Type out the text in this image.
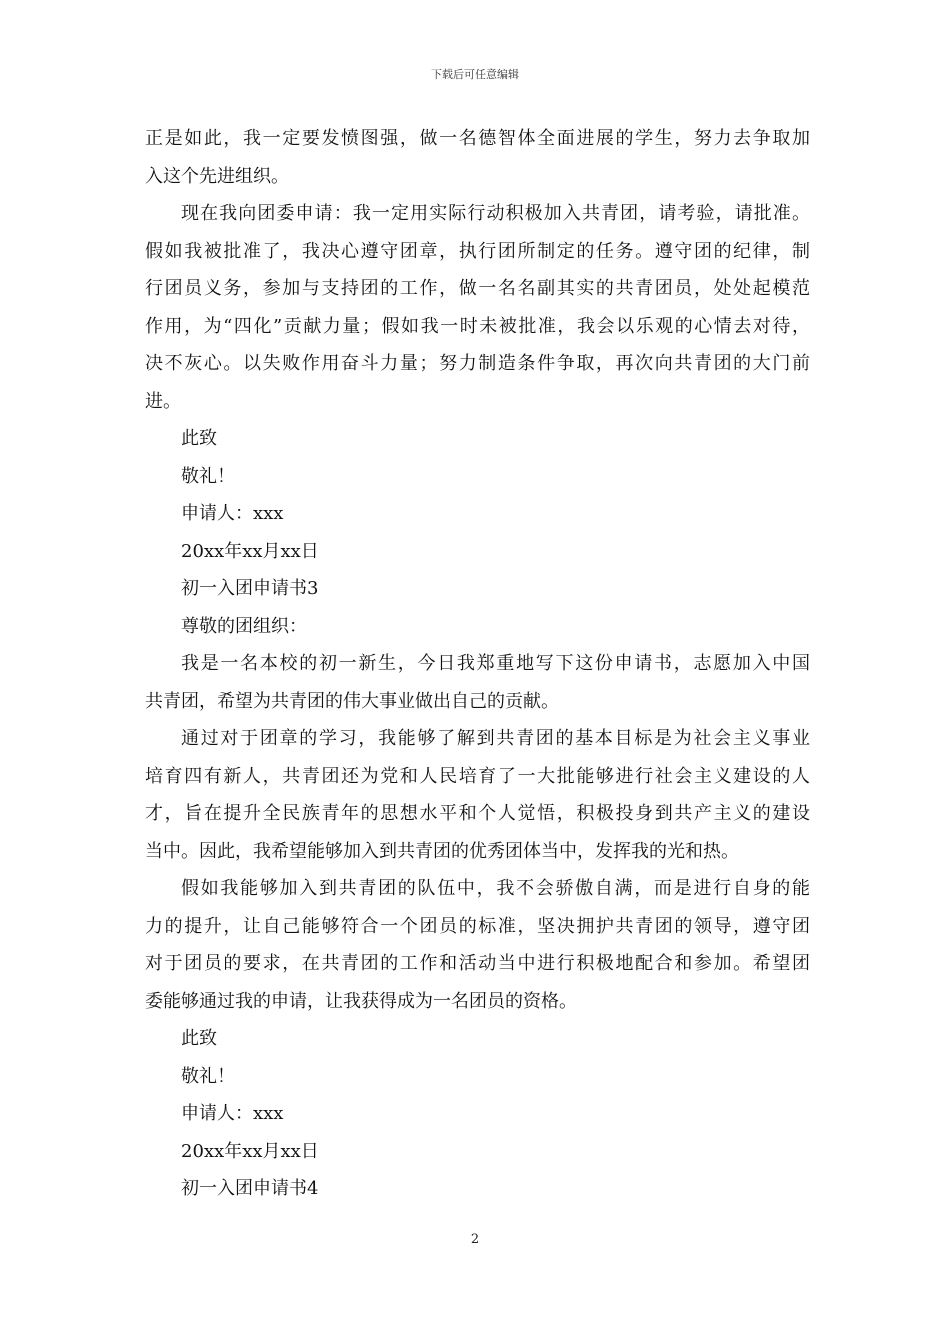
下载后可任意编辑
正是如此，我一定要发愤图强，做一名德智体全面进展的学生，努力去争取加
入这个先进组织。
现在我向团委申请：我一定用实际行动积极加入共青团，请考验，请批准。
假如我被批准了，我决心遵守团章，执行团所制定的任务。遵守团的纪律，制
行团员义务，参加与支持团的工作，做一名名副其实的共青团员，处处起模范
作用，为“四化”贡献力量；假如我一时未被批准，我会以乐观的心情去对待，
决不灰心。以失败作用奋斗力量；努力制造条件争取，再次向共青团的大门前
进。
此致
敬礼！
申请人：xxx
20xx年xx月xx日
初一入团申请书3
尊敬的团组织：
我是一名本校的初一新生，今日我郑重地写下这份申请书，志愿加入中国
共青团，希望为共青团的伟大事业做出自己的贡献。
通过对于团章的学习，我能够了解到共青团的基本目标是为社会主义事业
培育四有新人，共青团还为党和人民培育了一大批能够进行社会主义建设的人
才，旨在提升全民族青年的思想水平和个人觉悟，积极投身到共产主义的建设
当中。因此，我希望能够加入到共青团的优秀团体当中，发挥我的光和热。
假如我能够加入到共青团的队伍中，我不会骄傲自满，而是进行自身的能
力的提升，让自己能够符合一个团员的标准，坚决拥护共青团的领导，遵守团
对于团员的要求，在共青团的工作和活动当中进行积极地配合和参加。希望团
委能够通过我的申请，让我获得成为一名团员的资格。
此致
敬礼！
申请人：xxx
20xx年xx月xx日
初一入团申请书4
2
